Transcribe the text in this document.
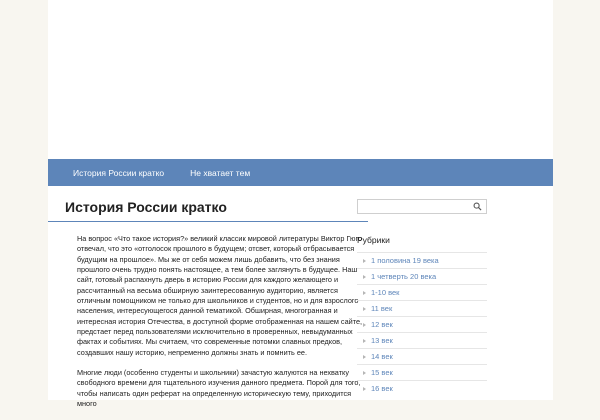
История России кратко	Не хватает тем
История России кратко

На вопрос «Что такое история?» великий классик мировой литературы Виктор Гюго отвечал, что это «отголосок прошлого в будущем; отсвет, который отбрасывается будущим на прошлое». Мы же от себя можем лишь добавить, что без знания прошлого очень трудно понять настоящее, а тем более заглянуть в будущее. Наш сайт, готовый распахнуть дверь в историю России для каждого желающего и рассчитанный на весьма обширную заинтересованную аудиторию, является отличным помощником не только для школьников и студентов, но и для взрослого населения, интересующегося данной тематикой. Обширная, многогранная и интересная история Отечества, в доступной форме отображенная на нашем сайте, предстает перед пользователями исключительно в проверенных, невыдуманных фактах и событиях. Мы считаем, что современные потомки славных предков, создавших нашу историю, непременно должны знать и помнить ее.

Многие люди (особенно студенты и школьники) зачастую жалуются на нехватку свободного времени для тщательного изучения данного предмета. Порой для того, чтобы написать один реферат на определенную историческую тему, приходится много

Рубрики
1 половина 19 века
1 четверть 20 века
1-10 век
11 век
12 век
13 век
14 век
15 век
16 век
